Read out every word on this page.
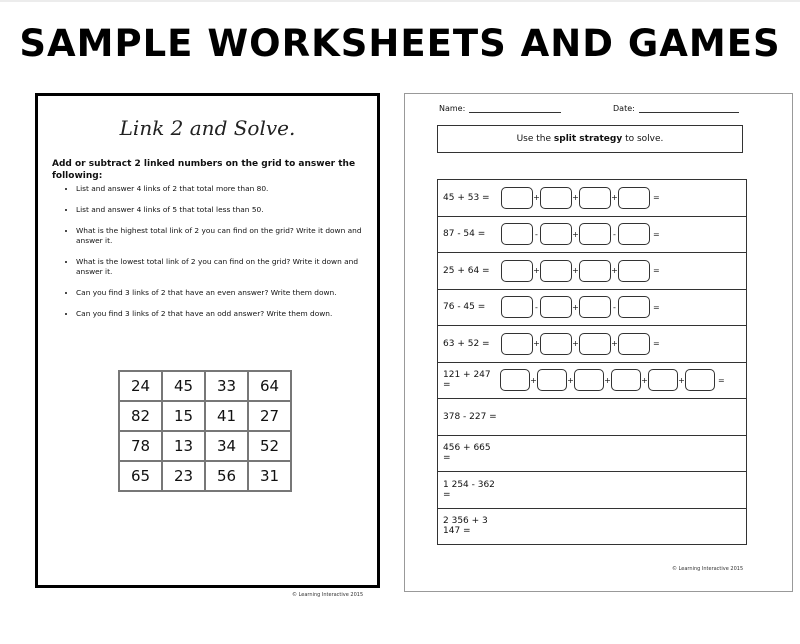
SAMPLE WORKSHEETS AND GAMES
Link 2 and Solve.
Add or subtract 2 linked numbers on the grid to answer the following:
• List and answer 4 links of 2 that total more than 80.
• List and answer 4 links of 5 that total less than 50.
• What is the highest total link of 2 you can find on the grid? Write it down and answer it.
• What is the lowest total link of 2 you can find on the grid? Write it down and answer it.
• Can you find 3 links of 2 that have an even answer? Write them down.
• Can you find 3 links of 2 that have an odd answer? Write them down.
24	45	33	64
82	15	41	27
78	13	34	52
65	23	56	31
© Learning Interactive 2015
Name:	Date:
Use the split strategy to solve.
45 + 53 =	+	+	+	=

87 - 54 =	-	+	-	=

25 + 64 =	+	+	+	=

76 - 45 =	-	+	-	=

63 + 52 =	+	+	+	=

121 + 247 =	+	+	+	+	+	=

378 - 227 =

456 + 665 =

1 254 - 362 =

2 356 + 3 147 =
© Learning Interactive 2015
